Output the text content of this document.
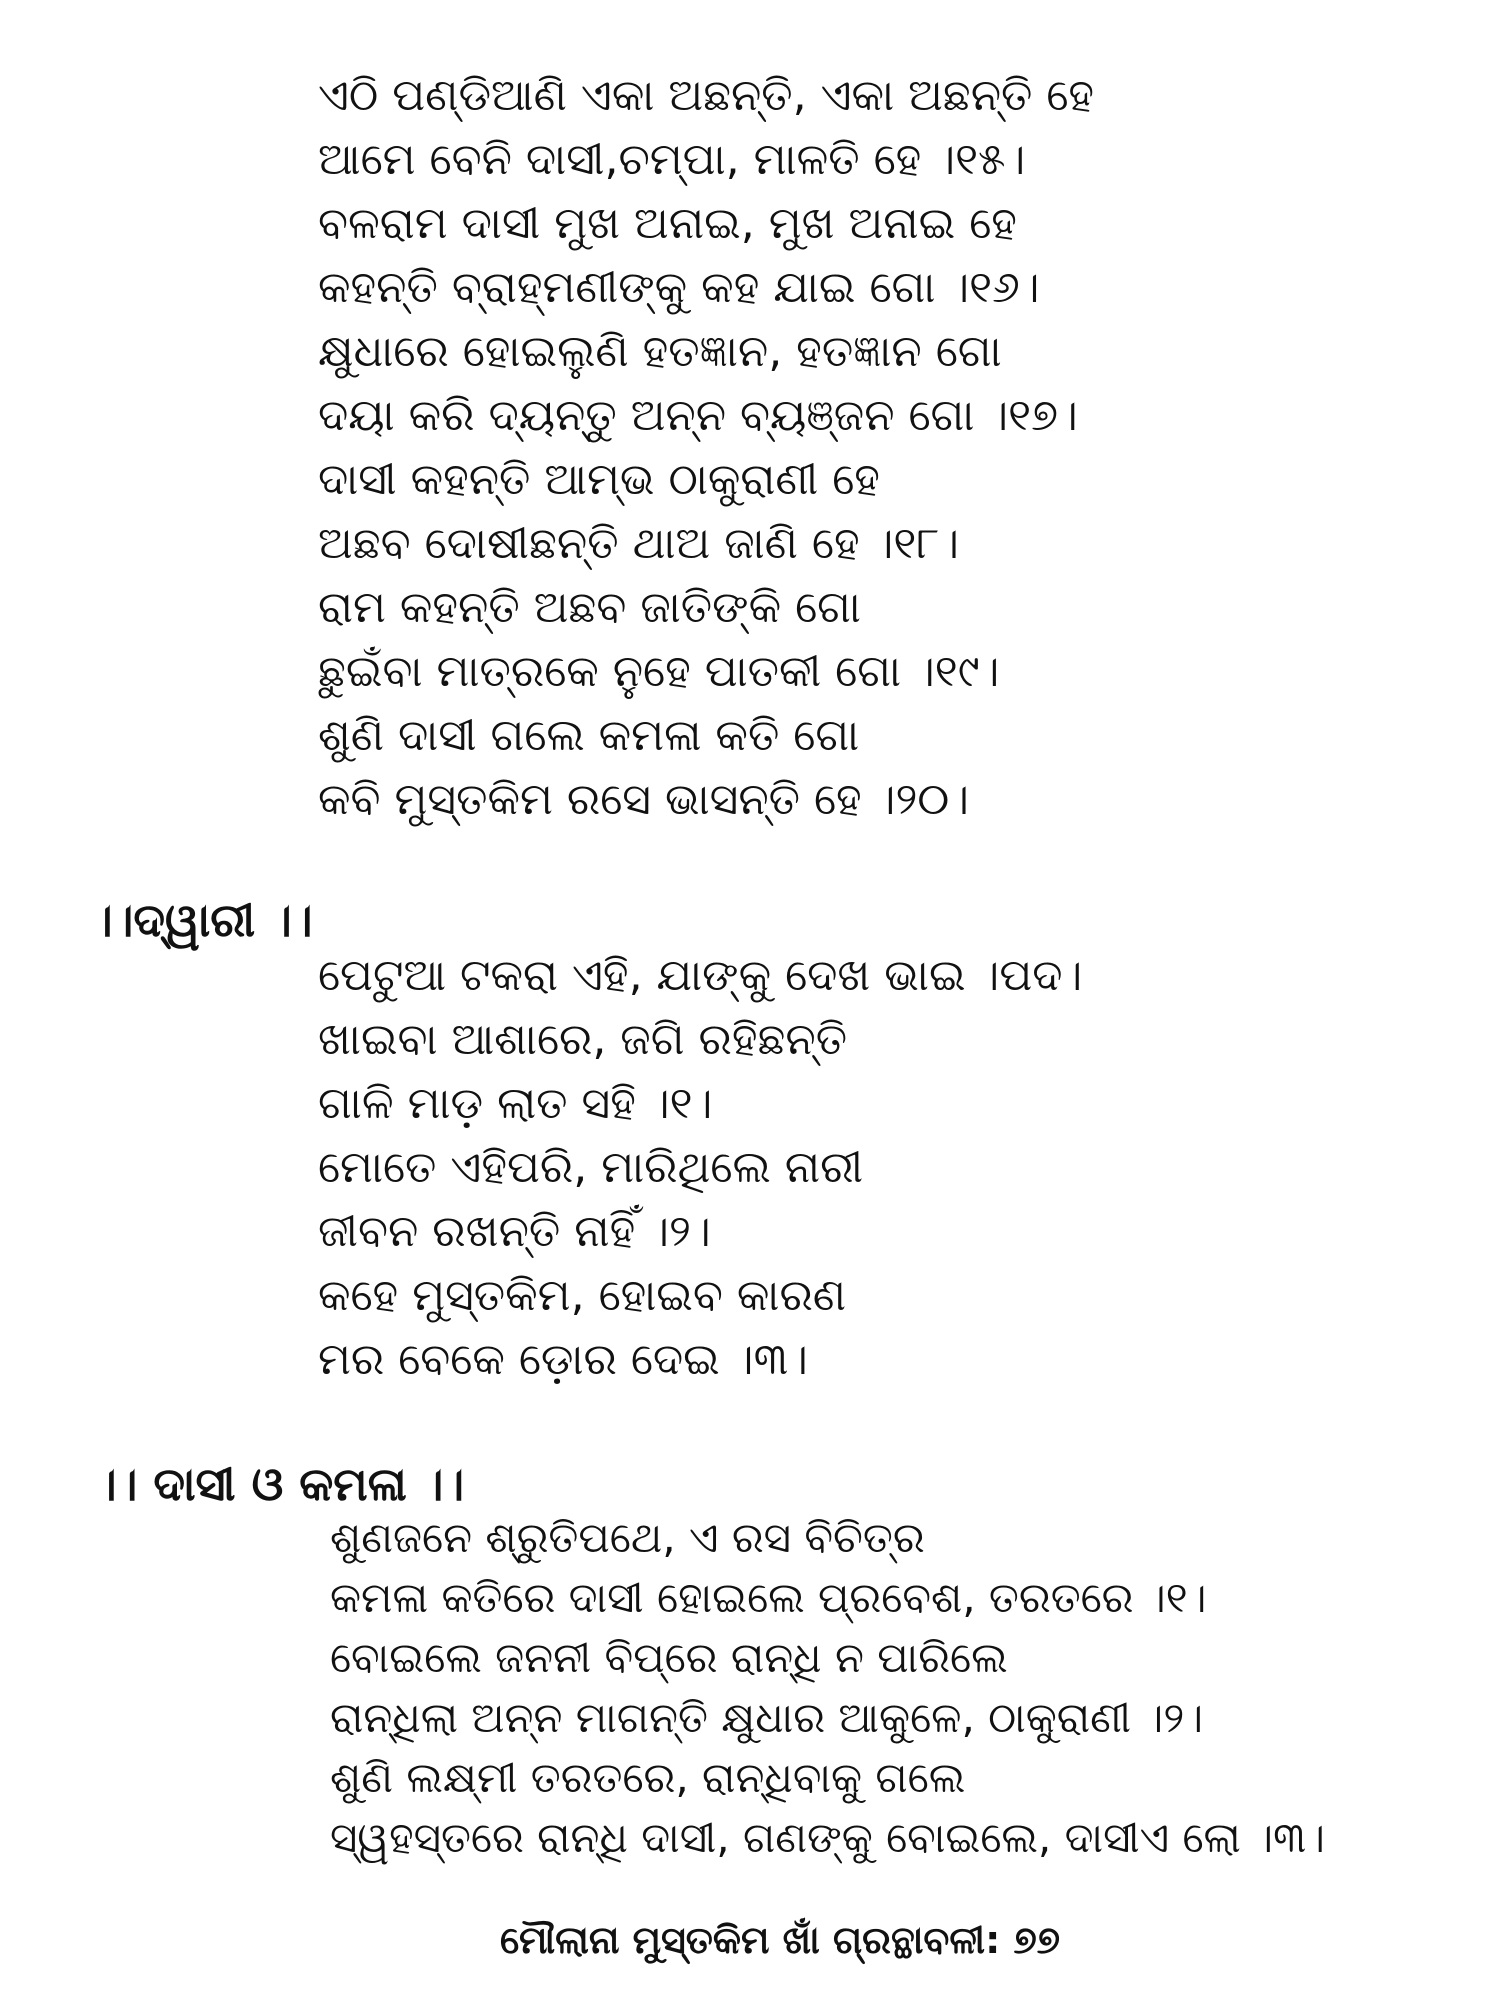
ଏଠି ପଣ୍ଡିଆଣି ଏକା ଅଛନ୍ତି, ଏକା ଅଛନ୍ତି ହେ

ଆମେ ବେନି ଦାସୀ,ଚମ୍ପା, ମାଳତି ହେ ।୧୫।

ବଳରାମ ଦାସୀ ମୁଖ ଅନାଇ, ମୁଖ ଅନାଇ ହେ

କହନ୍ତି ବ୍ରାହ୍ମଣୀଙ୍କୁ କହ ଯାଇ ଗୋ ।୧୬।

କ୍ଷୁଧାରେ ହୋଇଲୁଣି ହତଜ୍ଞାନ, ହତଜ୍ଞାନ ଗୋ

ଦୟା କରି ଦ୍ୟନ୍ତୁ ଅନ୍ନ ବ୍ୟଞ୍ଜନ ଗୋ ।୧୭।

ଦାସୀ କହନ୍ତି ଆମ୍ଭ ଠାକୁରାଣୀ ହେ

ଅଛବ ଦୋଷୀଛନ୍ତି ଥାଅ ଜାଣି ହେ ।୧୮।

ରାମ କହନ୍ତି ଅଛବ ଜାତିଙ୍କି ଗୋ

ଛୁଇଁବା ମାତ୍ରକେ ନୁହେ ପାତକୀ ଗୋ ।୧୯।

ଶୁଣି ଦାସୀ ଗଲେ କମଳା କତି ଗୋ

କବି ମୁସ୍ତକିମ ରସେ ଭାସନ୍ତି ହେ ।୨୦।

।।ଦ୍ୱାରୀ ।।

ପେଟୁଆ ଟକରା ଏହି, ଯାଙ୍କୁ ଦେଖ ଭାଇ ।ପଦ।

ଖାଇବା ଆଶାରେ, ଜଗି ରହିଛନ୍ତି

ଗାଳି ମାଡ଼ ଲାତ ସହି ।୧।

ମୋତେ ଏହିପରି, ମାରିଥିଲେ ନାରୀ

ଜୀବନ ରଖନ୍ତି ନାହିଁ ।୨।

କହେ ମୁସ୍ତକିମ, ହୋଇବ କାରଣ

ମର ବେକେ ଡ଼ୋର ଦେଇ ।୩।

।। ଦାସୀ ଓ କମଳା ।।

ଶୁଣଜନେ ଶ୍ରୁତିପଥେ, ଏ ରସ ବିଚିତ୍ର

କମଳା କତିରେ ଦାସୀ ହୋଇଲେ ପ୍ରବେଶ, ତରତରେ ।୧।

ବୋଇଲେ ଜନନୀ ବିପ୍ରେ ରାନ୍ଧି ନ ପାରିଲେ

ରାନ୍ଧିଲା ଅନ୍ନ ମାଗନ୍ତି କ୍ଷୁଧାର ଆକୁଳେ, ଠାକୁରାଣୀ ।୨।

ଶୁଣି ଲକ୍ଷ୍ମୀ ତରତରେ, ରାନ୍ଧିବାକୁ ଗଲେ

ସ୍ୱହସ୍ତରେ ରାନ୍ଧି ଦାସୀ, ଗଣଙ୍କୁ ବୋଇଲେ, ଦାସୀଏ ଲୋ ।୩।

ମୌଲାନା ମୁସ୍ତକିମ ଖାଁ ଗ୍ରନ୍ଥାବଳୀ: ୭୭
